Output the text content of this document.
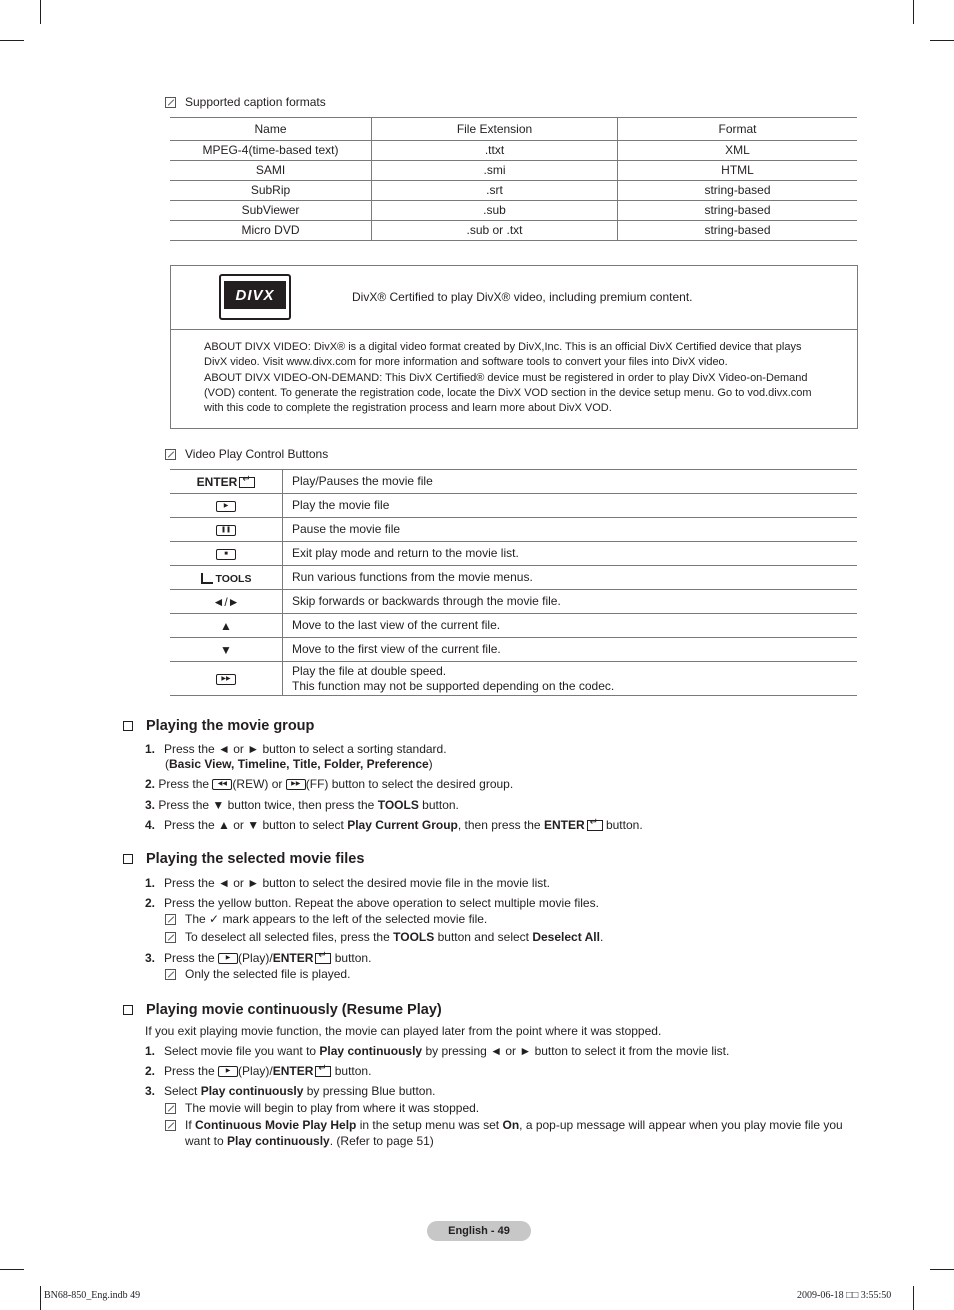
Supported caption formats
Name	File Extension	Format
MPEG-4(time-based text)	.ttxt	XML
SAMI	.smi	HTML
SubRip	.srt	string-based
SubViewer	.sub	string-based
Micro DVD	.sub or .txt	string-based
DIVX	DivX® Certified to play DivX® video, including premium content.
ABOUT DIVX VIDEO: DivX® is a digital video format created by DivX,Inc. This is an official DivX Certified device that plays
DivX video. Visit www.divx.com for more information and software tools to convert your files into DivX video.
ABOUT DIVX VIDEO-ON-DEMAND: This DivX Certified® device must be registered in order to play DivX Video-on-Demand
(VOD) content. To generate the registration code, locate the DivX VOD section in the device setup menu. Go to vod.divx.com
with this code to complete the registration process and learn more about DivX VOD.
Video Play Control Buttons
ENTER↵	Play/Pauses the movie file

▶	Play the movie file

❚❚	Pause the movie file

■	Exit play mode and return to the movie list.
TOOLS	Run various functions from the movie menus.
◄/►	Skip forwards or backwards through the movie file.
▲	Move to the last view of the current file.
▼	Move to the first view of the current file.

▶▶	Play the file at double speed.
This function may not be supported depending on the codec.
Playing the movie group
1. Press the ◄ or ► button to select a sorting standard.
(Basic View, Timeline, Title, Folder, Preference)
2. Press the	◀◀ (REW) or	▶▶ (FF) button to select the desired group.
3. Press the ▼ button twice, then press the TOOLS button.
4. Press the ▲ or ▼ button to select Play Current Group, then press the ENTER ↵ button.
Playing the selected movie files
1. Press the ◄ or ► button to select the desired movie file in the movie list.
2. Press the yellow button. Repeat the above operation to select multiple movie files.
The
✓
mark appears to the left of the selected movie file.
To deselect all selected files, press the
TOOLS
button and select
Deselect All .
3. Press the	▶ (Play)/ENTER ↵ button.
Only the selected file is played.
Playing movie continuously (Resume Play)
If you exit playing movie function, the movie can played later from the point where it was stopped.
1. Select movie file you want to Play continuously by pressing ◄ or ► button to select it from the movie list.
2. Press the	▶ (Play)/ENTER ↵ button.
3. Select Play continuously by pressing Blue button.
The movie will begin to play from where it was stopped.
If Continuous Movie Play Help in the setup menu was set On, a pop-up message will appear when you play movie file you
want to Play continuously. (Refer to page 51)
English - 49
BN68-850_Eng.indb 49	2009-06-18 □□ 3:55:50
